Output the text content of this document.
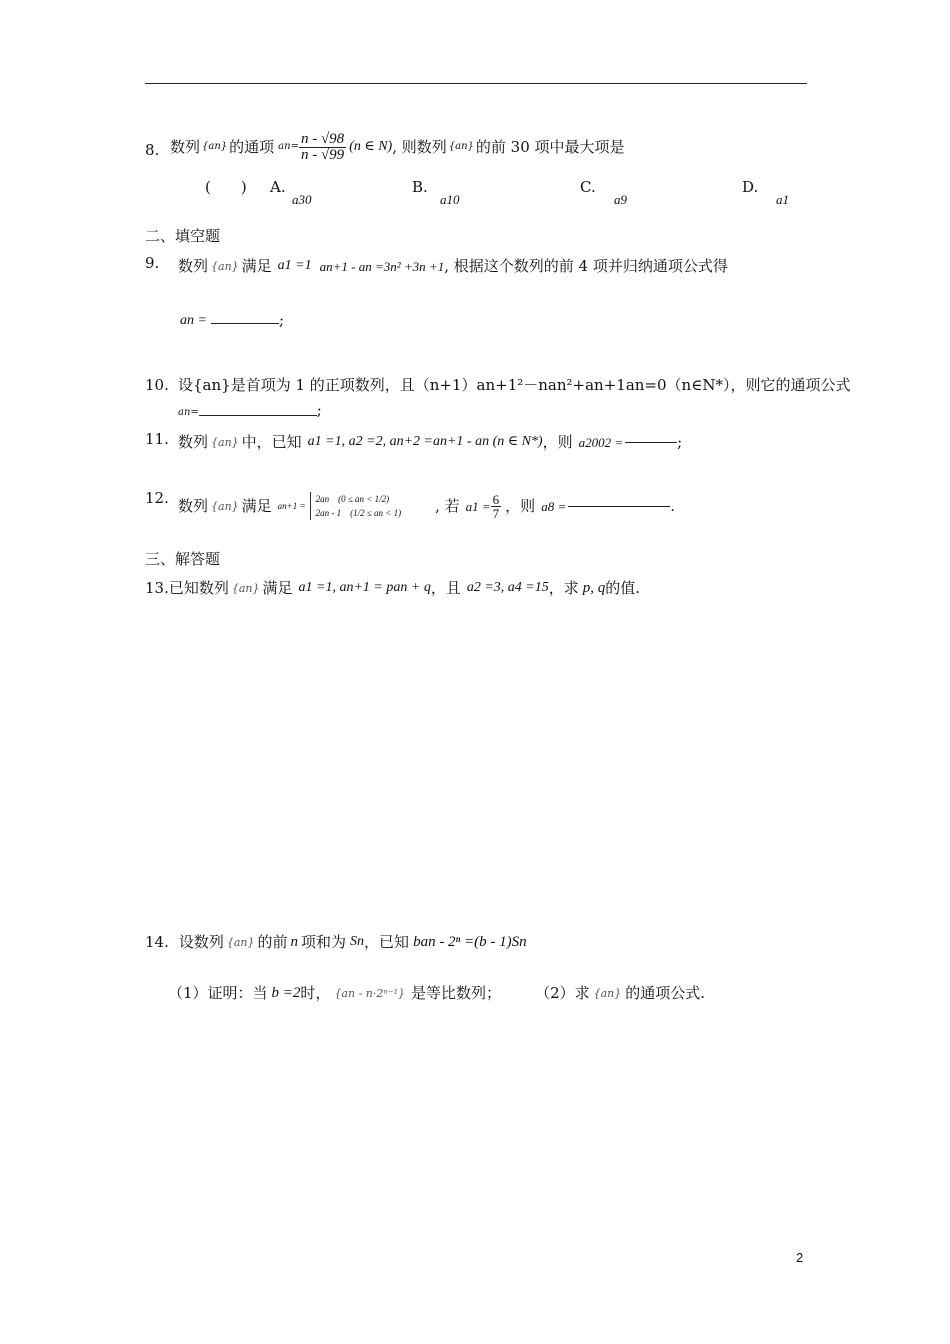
8. 数列 {an} 的通项 $an= \frac{n - √98}{n - √99} (n$ ∈ N) , 则数列 {an} 的前 30 项中最大项是
(　　) A.
a30
B.
a10
C.
a9
D.
a1
二、填空题
9. 数列 {an} 满足 a1 =1 an+1 - an =3n² +3n +1 , 根据这个数列的前 4 项并归纳通项公式得
an =	;
10. 设{an}是首项为 1 的正项数列，且（n+1）an+1²－nan²+an+1an=0（n∈N*），则它的通项公式
an=	;
11. 数列 {an} 中，已知 a1 =1, a2 =2, an+2 =an+1 - an (n ∈ N*) ，则 a2002 =	;
12. 数列 {an} 满足 an+1 =
2an　(0 ≤ an < 1/2)
2an - 1　(1/2 ≤ an < 1) , 若 $a1 = \frac{6}{7}$ ，则 a8 =	.
三、解答题
13. 已知数列 {an} 满足 a1 =1, an+1 = pan + q ，且 a2 =3, a4 =15 ，求 p, q 的值.
14. 设数列 {an} 的前 n 项和为 Sn ，已知 ban - 2ⁿ =(b - 1)Sn
（1）证明：当 b =2 时， {an - n·2ⁿ⁻¹} 是等比数列； （2）求 {an} 的通项公式.
2
